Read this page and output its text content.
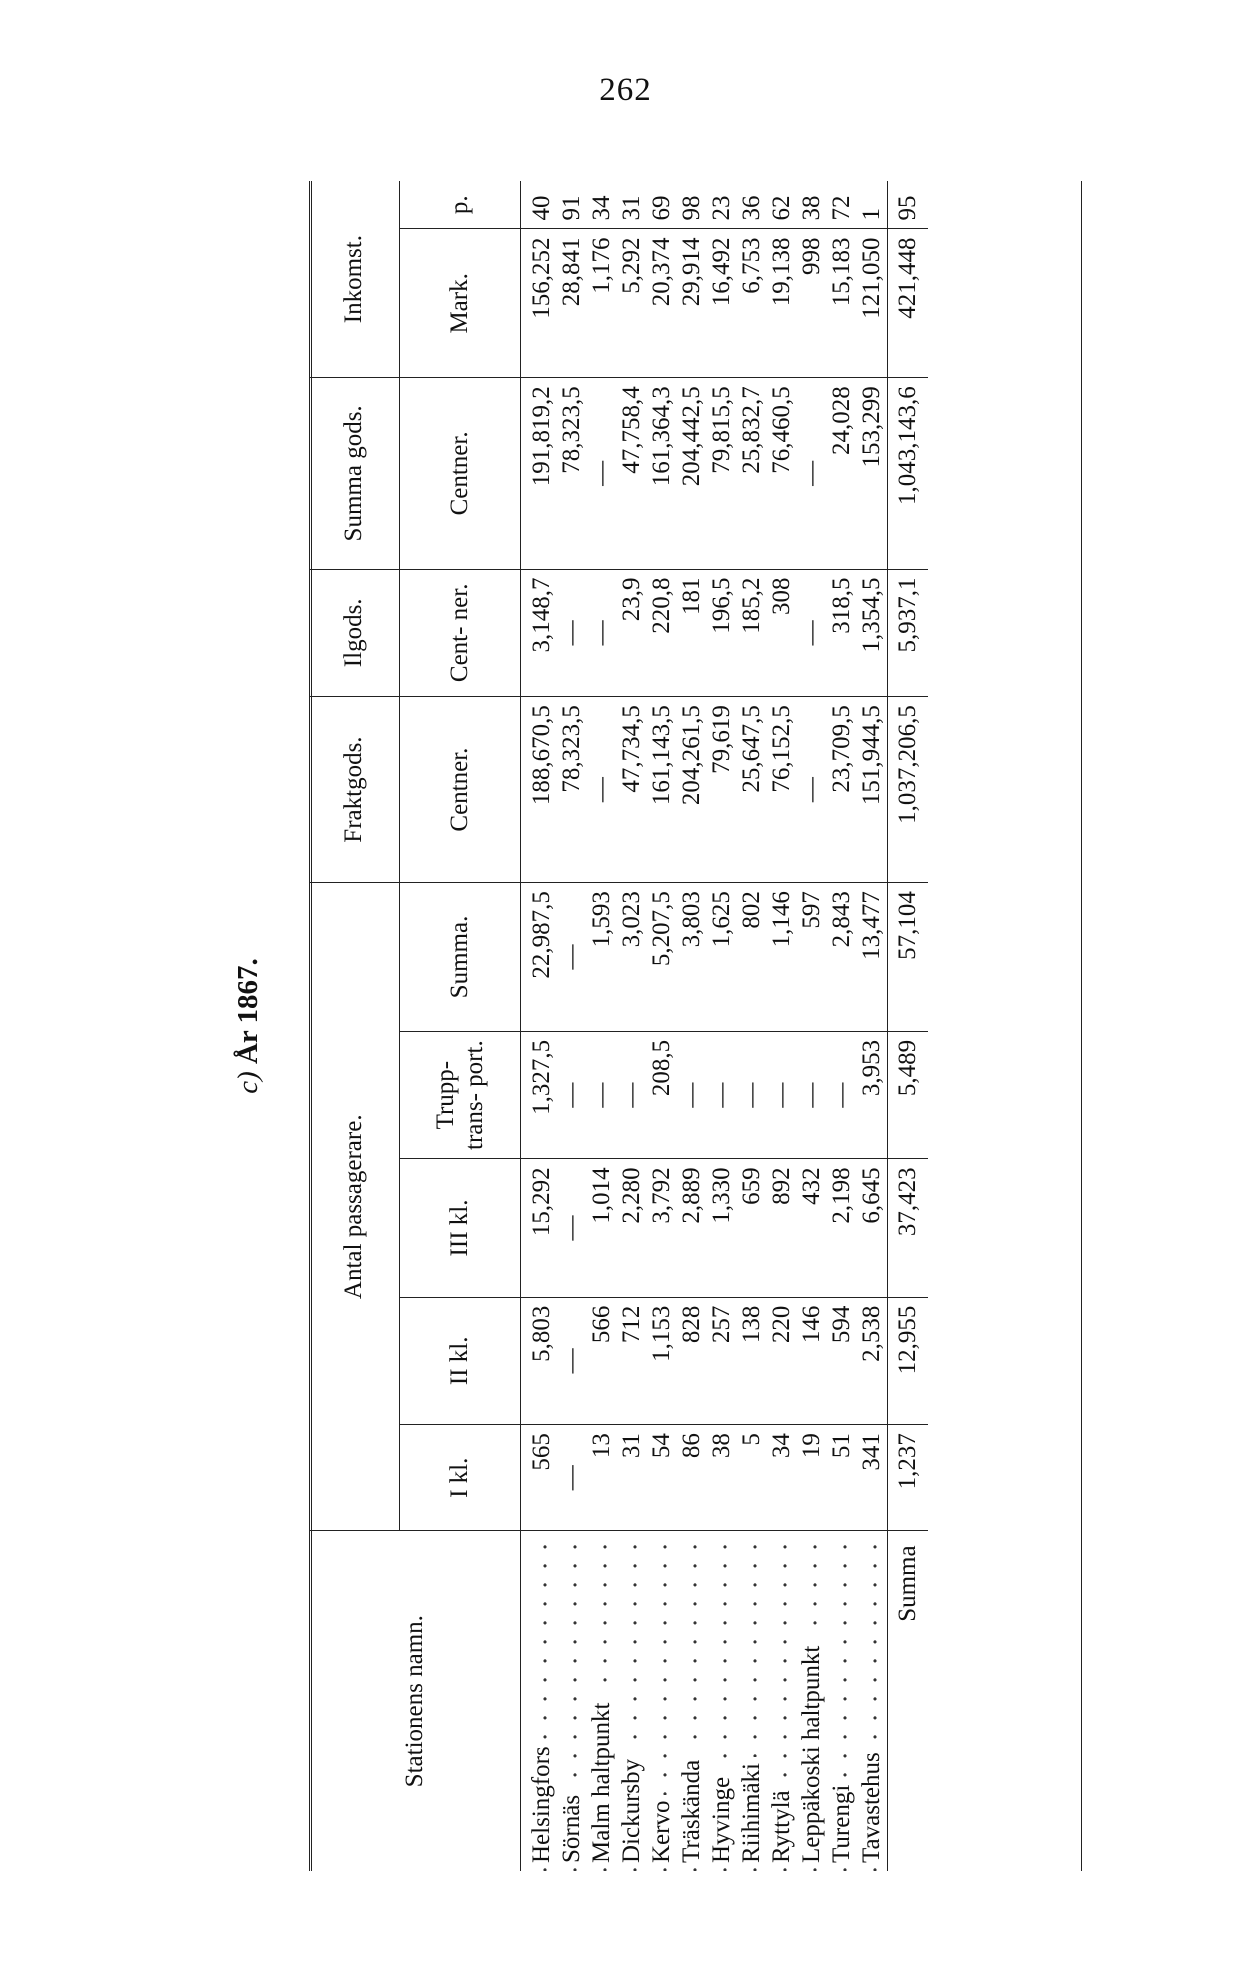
262
c) År 1867.
Stationens namn.	Antal passagerare.					Fraktgods.	Ilgods.	Summa gods.	Inkomst.	
	I kl.	II kl.	III kl.	Trupp- trans- port.	Summa.	Centner.	Cent- ner.			
								Centner.	Mark.	p.
Helsingfors	565	5,803	15,292	1,327,5	22,987,5	188,670,5	3,148,7	191,819,2	156,252	40
Sörnäs	—	—	—	—	—	78,323,5	—	78,323,5	28,841	91
Malm haltpunkt	13	566	1,014	—	1,593	—	—	—	1,176	34
Dickursby	31	712	2,280	—	3,023	47,734,5	23,9	47,758,4	5,292	31
Kervo	54	1,153	3,792	208,5	5,207,5	161,143,5	220,8	161,364,3	20,374	69
Träskända	86	828	2,889	—	3,803	204,261,5	181	204,442,5	29,914	98
Hyvinge	38	257	1,330	—	1,625	79,619	196,5	79,815,5	16,492	23
Riihimäki	5	138	659	—	802	25,647,5	185,2	25,832,7	6,753	36
Ryttylä	34	220	892	—	1,146	76,152,5	308	76,460,5	19,138	62
Leppäkoski haltpunkt	19	146	432	—	597	—	—	—	998	38
Turengi	51	594	2,198	—	2,843	23,709,5	318,5	24,028	15,183	72
Tavastehus	341	2,538	6,645	3,953	13,477	151,944,5	1,354,5	153,299	121,050	1
Summa	1,237	12,955	37,423	5,489	57,104	1,037,206,5	5,937,1	1,043,143,6	421,448	95
